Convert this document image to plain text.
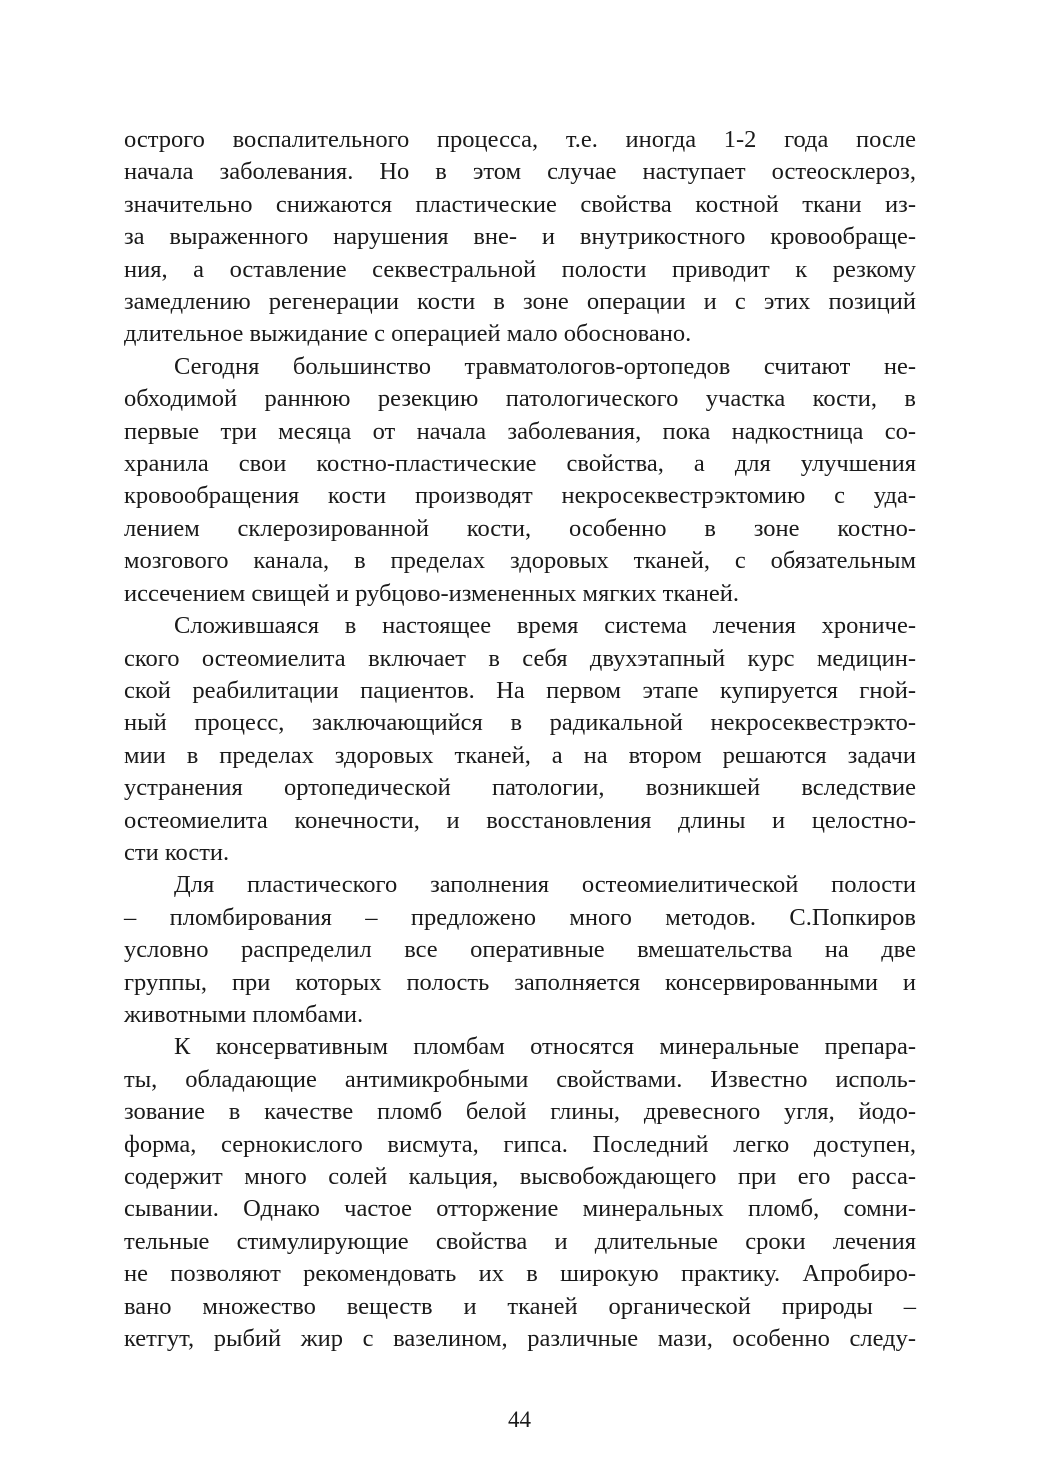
острого воспалительного процесса, т.е. иногда 1-2 года после
начала заболевания. Но в этом случае наступает остеосклероз,
значительно снижаются пластические свойства костной ткани из-
за выраженного нарушения вне- и внутрикостного кровообраще-
ния, а оставление секвестральной полости приводит к резкому
замедлению регенерации кости в зоне операции и с этих позиций
длительное выжидание с операцией мало обосновано.
Сегодня большинство травматологов-ортопедов считают не-
обходимой раннюю резекцию патологического участка кости, в
первые три месяца от начала заболевания, пока надкостница со-
хранила свои костно-пластические свойства, а для улучшения
кровообращения кости производят некросеквестрэктомию с уда-
лением склерозированной кости, особенно в зоне костно-
мозгового канала, в пределах здоровых тканей, с обязательным
иссечением свищей и рубцово-измененных мягких тканей.
Сложившаяся в настоящее время система лечения хрониче-
ского остеомиелита включает в себя двухэтапный курс медицин-
ской реабилитации пациентов. На первом этапе купируется гной-
ный процесс, заключающийся в радикальной некросеквестрэкто-
мии в пределах здоровых тканей, а на втором решаются задачи
устранения ортопедической патологии, возникшей вследствие
остеомиелита конечности, и восстановления длины и целостно-
сти кости.
Для пластического заполнения остеомиелитической полости
– пломбирования – предложено много методов. С.Попкиров
условно распределил все оперативные вмешательства на две
группы, при которых полость заполняется консервированными и
животными пломбами.
К консервативным пломбам относятся минеральные препара-
ты, обладающие антимикробными свойствами. Известно исполь-
зование в качестве пломб белой глины, древесного угля, йодо-
форма, сернокислого висмута, гипса. Последний легко доступен,
содержит много солей кальция, высвобождающего при его расса-
сывании. Однако частое отторжение минеральных пломб, сомни-
тельные стимулирующие свойства и длительные сроки лечения
не позволяют рекомендовать их в широкую практику. Апробиро-
вано множество веществ и тканей органической природы –
кетгут, рыбий жир с вазелином, различные мази, особенно следу-
44
